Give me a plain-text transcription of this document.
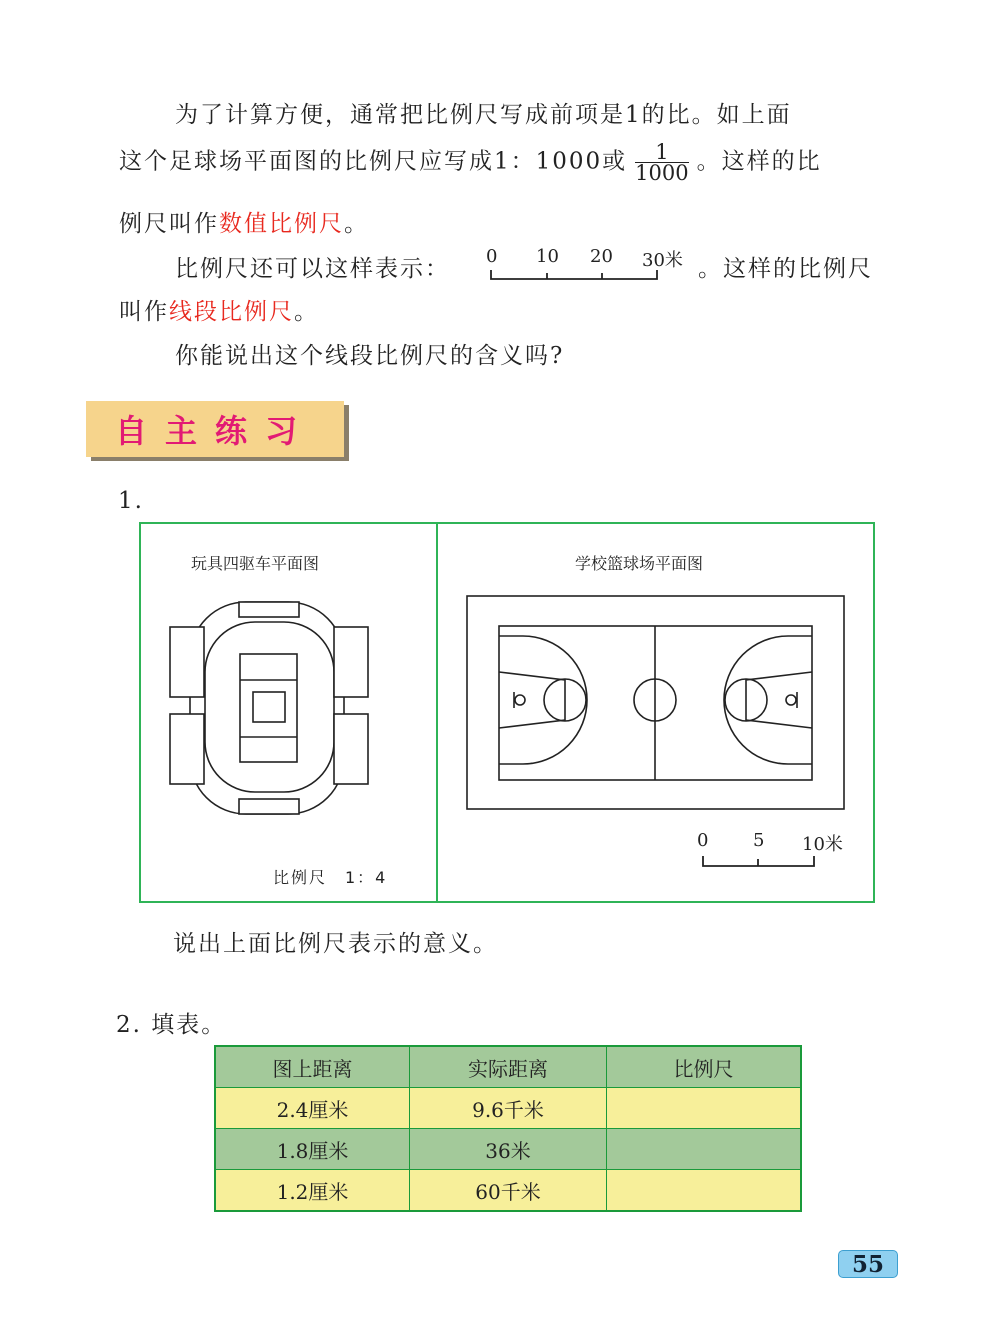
为了计算方便，通常把比例尺写成前项是1的比。如上面
这个足球场平面图的比例尺应写成1：1000或 $\frac{1}{1000}$ 。这样的比
例尺叫作数值比例尺。
比例尺还可以这样表示： 0 10 20 30米 。这样的比例尺
叫作线段比例尺。
你能说出这个线段比例尺的含义吗?
自主练习
1.
玩具四驱车平面图
比例尺　1：4
学校篮球场平面图
0 5 10米
说出上面比例尺表示的意义。
2. 填表。
图上距离	实际距离	比例尺
2.4厘米	9.6千米	
1.8厘米	36米	
1.2厘米	60千米	
55
